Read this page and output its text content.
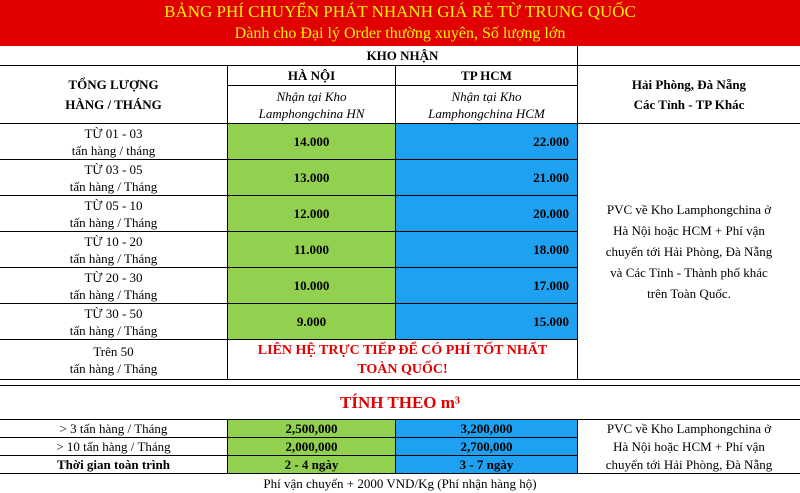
BẢNG PHÍ CHUYỂN PHÁT NHANH GIÁ RẺ TỪ TRUNG QUỐC
Dành cho Đại lý Order thường xuyên, Số lượng lớn
KHO NHẬN
TỔNG LƯỢNG
HÀNG / THÁNG
HÀ NỘI	TP HCM
Hải Phòng, Đà Nẵng
Các Tỉnh - TP Khác
Nhận tại Kho
Lamphongchina HN
Nhận tại Kho
Lamphongchina HCM
TỪ 01 - 03
tấn hàng / tháng
14.000	22.000
TỪ 03 - 05
tấn hàng / Tháng
13.000	21.000
TỪ 05 - 10
tấn hàng / Tháng
12.000	20.000
TỪ 10 - 20
tấn hàng / Tháng
11.000	18.000
TỪ 20 - 30
tấn hàng / Tháng
10.000	17.000
TỪ 30 - 50
tấn hàng / Tháng
9.000	15.000
Trên 50
tấn hàng / Tháng
LIÊN HỆ TRỰC TIẾP ĐỂ CÓ PHÍ TỐT NHẤT
TOÀN QUỐC!
PVC về Kho Lamphongchina ở
Hà Nội hoặc HCM + Phí vận
chuyển tới Hải Phòng, Đà Nẵng
và Các Tỉnh - Thành phố khác
trên Toàn Quốc.
TÍNH THEO m³
> 3 tấn hàng / Tháng	2,500,000	3,200,000
> 10 tấn hàng / Tháng	2,000,000	2,700,000
Thời gian toàn trình	2 - 4 ngày	3 - 7 ngày
PVC về Kho Lamphongchina ở
Hà Nội hoặc HCM + Phí vận
chuyển tới Hải Phòng, Đà Nẵng
Phí vận chuyển + 2000 VND/Kg (Phí nhận hàng hộ)
